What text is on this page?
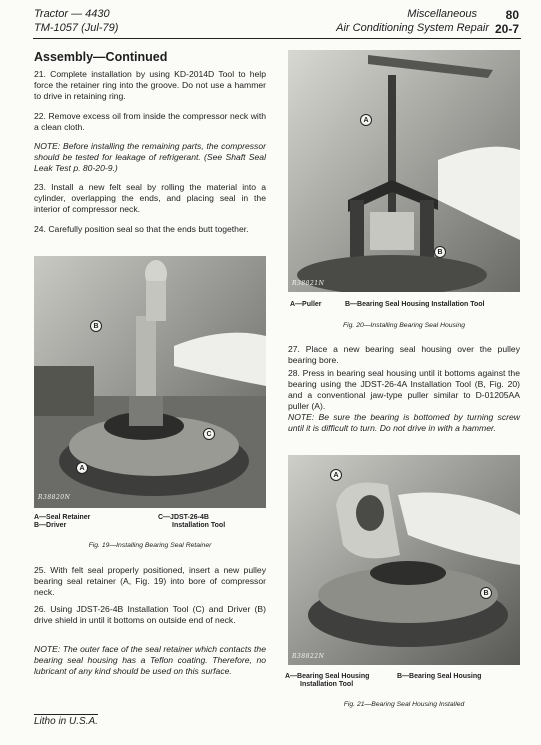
Tractor — 4430
TM-1057 (Jul-79)
Miscellaneous 80
Air Conditioning System Repair 20-7
Assembly—Continued

21. Complete installation by using KD-2014D Tool to help force the retainer ring into the groove. Do not use a hammer to drive in retaining ring.

22. Remove excess oil from inside the compressor neck with a clean cloth.

NOTE: Before installing the remaining parts, the compressor should be tested for leakage of refrigerant. (See Shaft Seal Leak Test p. 80-20-9.)

23. Install a new felt seal by rolling the material into a cylinder, overlapping the ends, and placing seal in the interior of compressor neck.

24. Carefully position seal so that the ends butt together.

B
C
A
R38820N
A—Seal Retainer
B—Driver
C—JDST-26-4B
Installation Tool
Fig. 19—Installing Bearing Seal Retainer

25. With felt seal properly positioned, insert a new pulley bearing seal retainer (A, Fig. 19) into bore of compressor neck.

26. Using JDST-26-4B Installation Tool (C) and Driver (B) drive shield in until it bottoms on outside end of neck.

NOTE: The outer face of the seal retainer which contacts the bearing seal housing has a Teflon coating. Therefore, no lubricant of any kind should be used on this surface.

A
B
R38821N
A—Puller	B—Bearing Seal Housing Installation Tool
Fig. 20—Installing Bearing Seal Housing

27. Place a new bearing seal housing over the pulley bearing bore.

28. Press in bearing seal housing until it bottoms against the bearing using the JDST-26-4A Installation Tool (B, Fig. 20) and a conventional jaw-type puller similar to D-01205AA puller (A).

NOTE: Be sure the bearing is bottomed by turning screw until it is difficult to turn. Do not drive in with a hammer.

A
B
R38822N
A—Bearing Seal Housing
Installation Tool
B—Bearing Seal Housing
Fig. 21—Bearing Seal Housing Installed
Litho in U.S.A.
